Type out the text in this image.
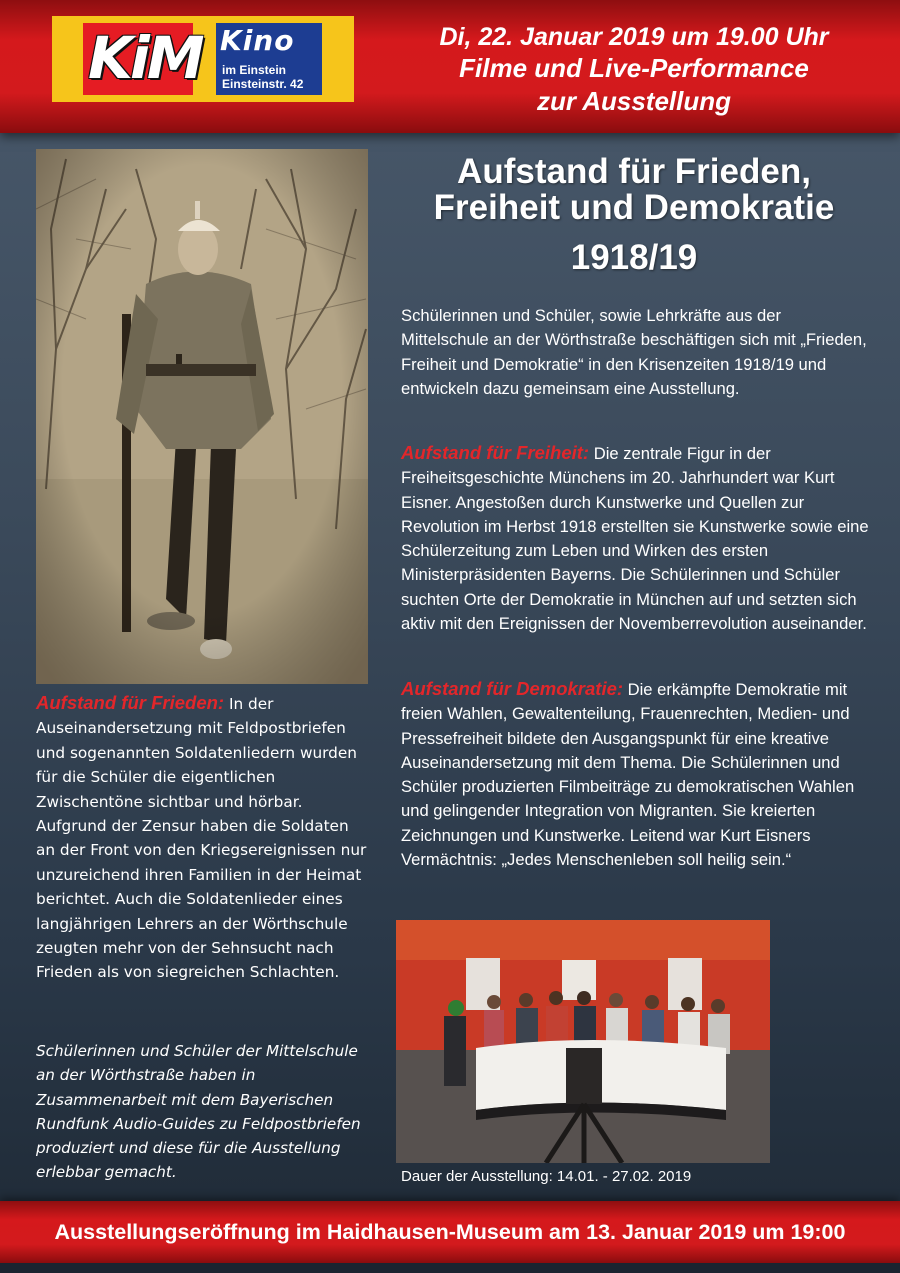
KiM Kino
im Einstein
Einsteinstr. 42
Di, 22. Januar 2019 um 19.00 Uhr
Filme und Live-Performance
zur Ausstellung
Aufstand für Frieden,
Freiheit und Demokratie
1918/19
Schülerinnen und Schüler, sowie Lehrkräfte aus der Mittelschule an der Wörthstraße beschäftigen sich mit „Frieden, Freiheit und Demokratie“ in den Krisenzeiten 1918/19 und entwickeln dazu gemeinsam eine Ausstellung.
Aufstand für Freiheit: Die zentrale Figur in der Freiheitsgeschichte Münchens im 20. Jahrhundert war Kurt Eisner. Angestoßen durch Kunstwerke und Quellen zur Revolution im Herbst 1918 erstellten sie Kunstwerke sowie eine Schülerzeitung zum Leben und Wirken des ersten Ministerpräsidenten Bayerns. Die Schülerinnen und Schüler suchten Orte der Demokratie in München auf und setzten sich aktiv mit den Ereignissen der Novemberrevolution auseinander.
Aufstand für Demokratie: Die erkämpfte Demokratie mit freien Wahlen, Gewaltenteilung, Frauenrechten, Medien- und Pressefreiheit bildete den Ausgangspunkt für eine kreative Auseinandersetzung mit dem Thema. Die Schülerinnen und Schüler produzierten Filmbeiträge zu demokratischen Wahlen und gelingender Integration von Migranten. Sie kreierten Zeichnungen und Kunstwerke. Leitend war Kurt Eisners Vermächtnis: „Jedes Menschenleben soll heilig sein.“
Aufstand für Frieden: In der Auseinandersetzung mit Feldpostbriefen und sogenannten Soldatenliedern wurden für die Schüler die eigentlichen Zwischentöne sichtbar und hörbar. Aufgrund der Zensur haben die Soldaten an der Front von den Kriegsereignissen nur unzureichend ihren Familien in der Heimat berichtet. Auch die Soldatenlieder eines langjährigen Lehrers an der Wörthschule zeugten mehr von der Sehnsucht nach Frieden als von siegreichen Schlachten.
Schülerinnen und Schüler der Mittelschule an der Wörthstraße haben in Zusammenarbeit mit dem Bayerischen Rundfunk Audio-Guides zu Feldpostbriefen produziert und diese für die Ausstellung erlebbar gemacht.	Dauer der Ausstellung: 14.01. - 27.02. 2019
Ausstellungseröffnung im Haidhausen-Museum am 13. Januar 2019 um 19:00
